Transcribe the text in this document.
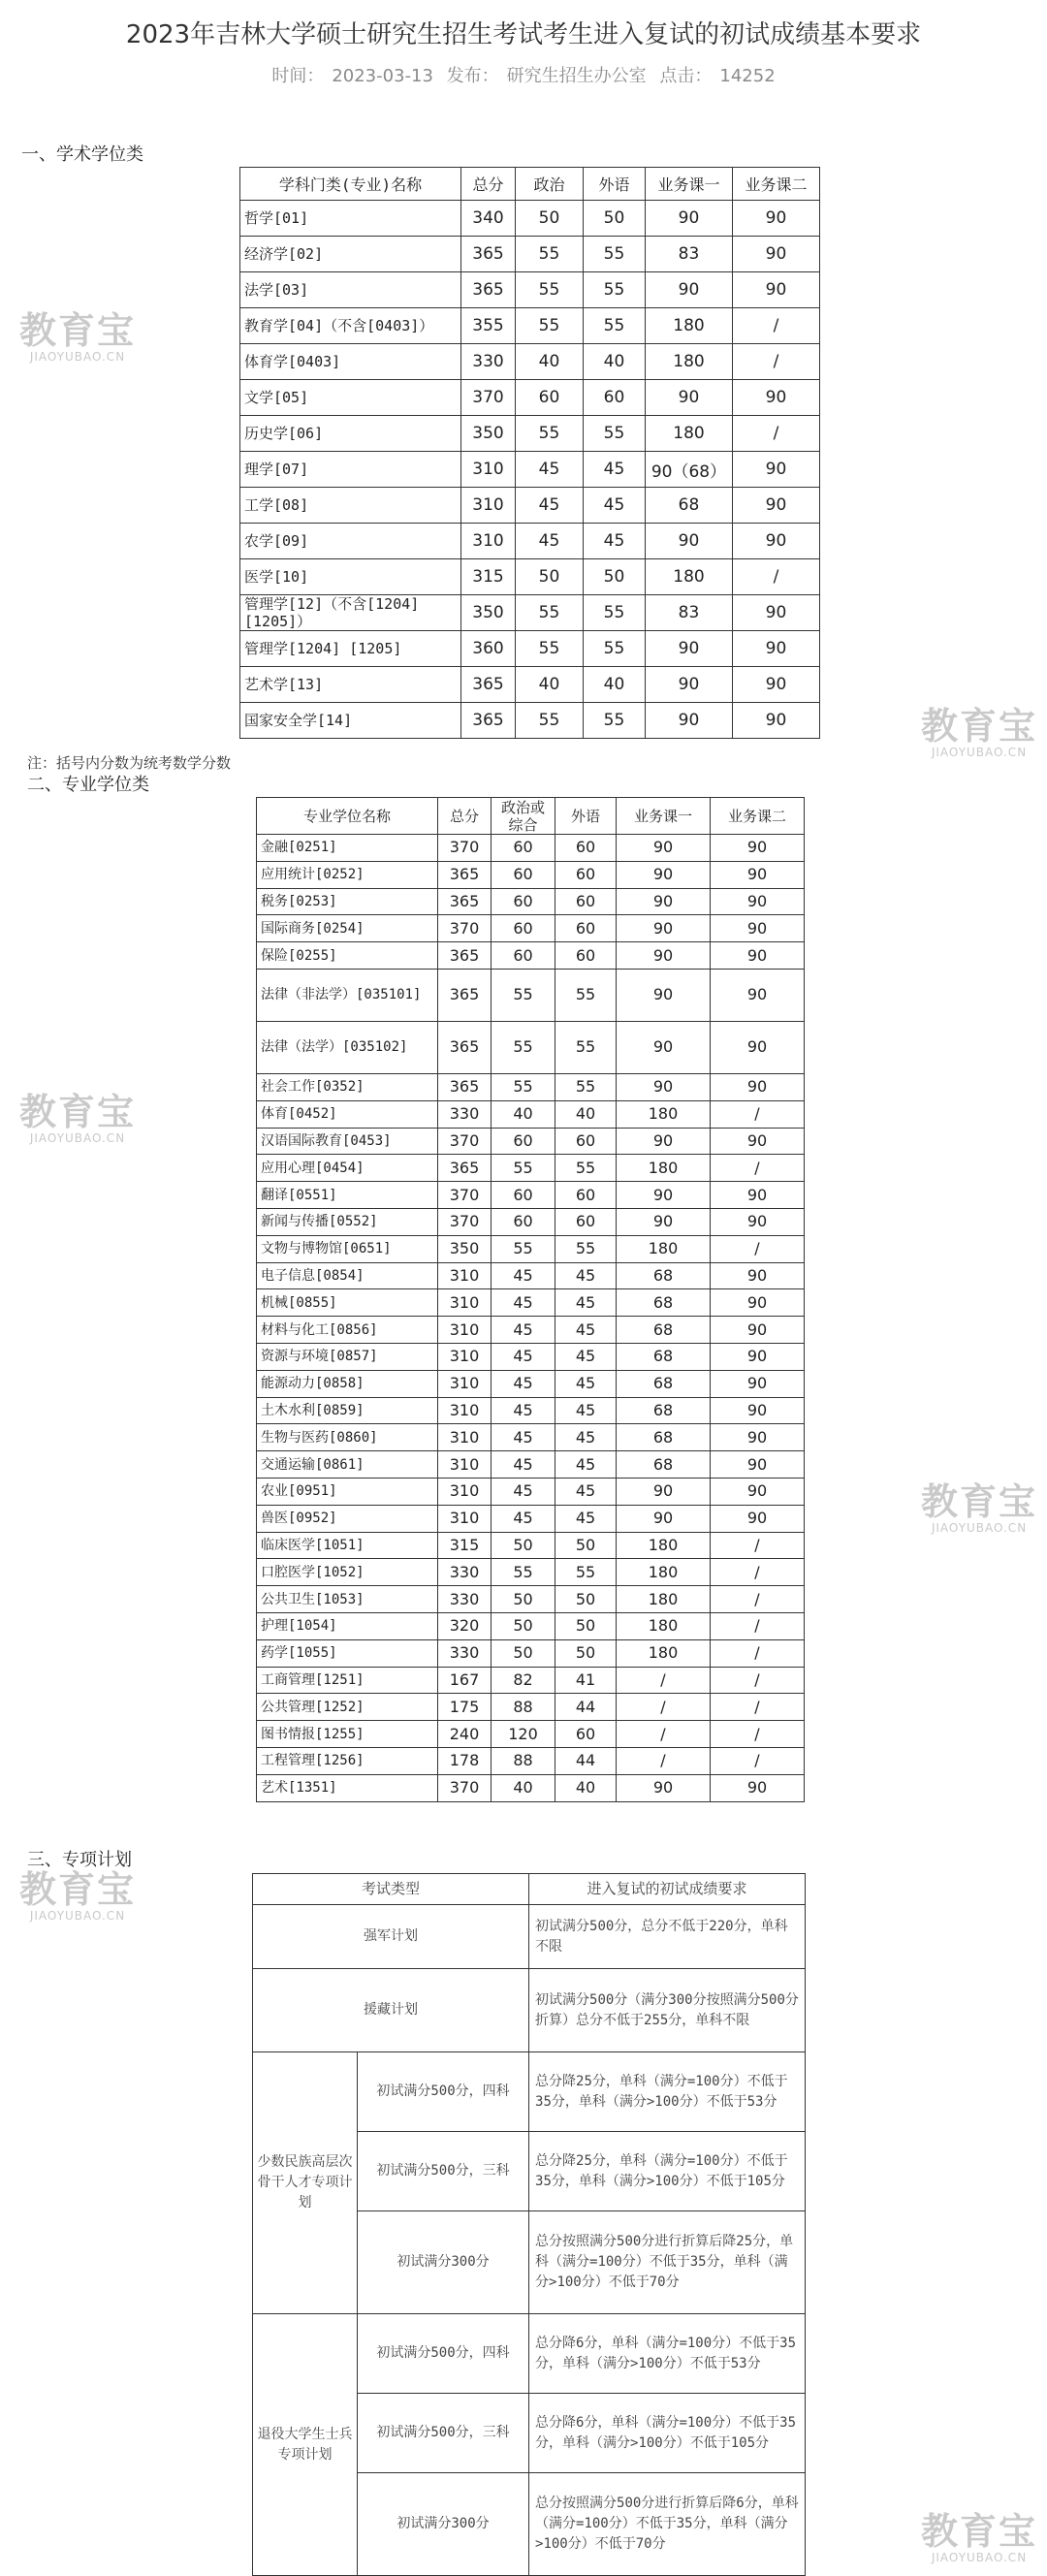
2023年吉林大学硕士研究生招生考试考生进入复试的初试成绩基本要求
时间： 2023-03-13 发布： 研究生招生办公室 点击： 14252
一、学术学位类
学科门类(专业)名称	总分	政治	外语	业务课一	业务课二
哲学[01]	340	50	50	90	90
经济学[02]	365	55	55	83	90
法学[03]	365	55	55	90	90
教育学[04]（不含[0403]）	355	55	55	180	/
体育学[0403]	330	40	40	180	/
文学[05]	370	60	60	90	90
历史学[06]	350	55	55	180	/
理学[07]	310	45	45	90（68）	90
工学[08]	310	45	45	68	90
农学[09]	310	45	45	90	90
医学[10]	315	50	50	180	/
管理学[12]（不含[1204][1205]）	350	55	55	83	90
管理学[1204] [1205]	360	55	55	90	90
艺术学[13]	365	40	40	90	90
国家安全学[14]	365	55	55	90	90
注：括号内分数为统考数学分数
二、专业学位类
专业学位名称	总分	政治或综合	外语	业务课一	业务课二
金融[0251]	370	60	60	90	90
应用统计[0252]	365	60	60	90	90
税务[0253]	365	60	60	90	90
国际商务[0254]	370	60	60	90	90
保险[0255]	365	60	60	90	90
法律（非法学）[035101]	365	55	55	90	90
法律（法学）[035102]	365	55	55	90	90
社会工作[0352]	365	55	55	90	90
体育[0452]	330	40	40	180	/
汉语国际教育[0453]	370	60	60	90	90
应用心理[0454]	365	55	55	180	/
翻译[0551]	370	60	60	90	90
新闻与传播[0552]	370	60	60	90	90
文物与博物馆[0651]	350	55	55	180	/
电子信息[0854]	310	45	45	68	90
机械[0855]	310	45	45	68	90
材料与化工[0856]	310	45	45	68	90
资源与环境[0857]	310	45	45	68	90
能源动力[0858]	310	45	45	68	90
土木水利[0859]	310	45	45	68	90
生物与医药[0860]	310	45	45	68	90
交通运输[0861]	310	45	45	68	90
农业[0951]	310	45	45	90	90
兽医[0952]	310	45	45	90	90
临床医学[1051]	315	50	50	180	/
口腔医学[1052]	330	55	55	180	/
公共卫生[1053]	330	50	50	180	/
护理[1054]	320	50	50	180	/
药学[1055]	330	50	50	180	/
工商管理[1251]	167	82	41	/	/
公共管理[1252]	175	88	44	/	/
图书情报[1255]	240	120	60	/	/
工程管理[1256]	178	88	44	/	/
艺术[1351]	370	40	40	90	90
三、专项计划
考试类型		进入复试的初试成绩要求
强军计划		初试满分500分，总分不低于220分，单科不限
援藏计划		初试满分500分（满分300分按照满分500分折算）总分不低于255分，单科不限
少数民族高层次骨干人才专项计划	初试满分500分，四科	总分降25分，单科（满分=100分）不低于35分，单科（满分>100分）不低于53分
	初试满分500分，三科	总分降25分，单科（满分=100分）不低于35分，单科（满分>100分）不低于105分
	初试满分300分	总分按照满分500分进行折算后降25分，单科（满分=100分）不低于35分，单科（满分>100分）不低于70分
退役大学生士兵专项计划	初试满分500分，四科	总分降6分，单科（满分=100分）不低于35分，单科（满分>100分）不低于53分
	初试满分500分，三科	总分降6分，单科（满分=100分）不低于35分，单科（满分>100分）不低于105分
	初试满分300分	总分按照满分500分进行折算后降6分，单科（满分=100分）不低于35分，单科（满分>100分）不低于70分
教育宝
JIAOYUBAO.CN
教育宝
JIAOYUBAO.CN
教育宝
JIAOYUBAO.CN
教育宝
JIAOYUBAO.CN
教育宝
JIAOYUBAO.CN
教育宝
JIAOYUBAO.CN
